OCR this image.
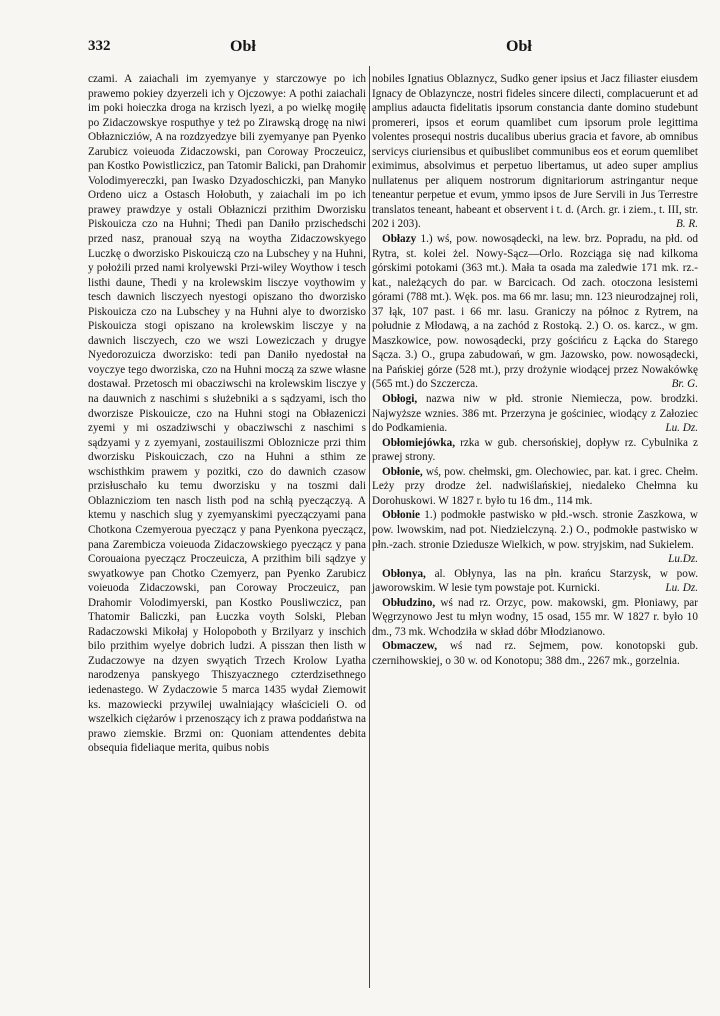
332	Obł	Obł

czami. A zaiachali im zyemyanye y starczowye po ich prawemo pokiey dzyerzeli ich y Ojczowye: A pothi zaiachali im poki hoieczka droga na krzisch lyezi, a po wielkę mogiłę po Zidaczowskye rosputhye y też po Zirawską drogę na niwi Obłaznicziów, A na rozdzyedzye bili zyemyanye pan Pyenko Zarubicz voieuoda Zidaczowski, pan Coroway Proczeuicz, pan Kostko Powistliczicz, pan Tatomir Balicki, pan Drahomir Volodimyereczki, pan Iwasko Dzyadoschiczki, pan Manyko Ordeno uicz a Ostasch Hołobuth, y zaiachali im po ich prawey prawdzye y ostali Obłazniczi przithim Dworzisku Piskouicza czo na Huhni; Thedi pan Daniło przischedschi przed nasz, pranouał szyą na woytha Zidaczowskyego Luczkę o dworzisko Piskouiczą czo na Lubschey y na Huhni, y położili przed nami krolyewski Przi-wiley Woythow i tesch listhi daune, Thedi y na krolewskim lisczye voythowim y tesch dawnich lisczyech nyestogi opiszano tho dworzisko Piskouicza czo na Lubschey y na Huhni alye to dworzisko Piskouicza stogi opiszano na krolewskim lisczye y na dawnich lisczyech, czo we wszi Loweziczach y drugye Nyedorozuicza dworzisko: tedi pan Daniło nyedostał na voyczye tego dworziska, czo na Huhni moczą za szwe własne dostawał. Przetosch mi obacziwschi na krolewskim lisczye y na dauwnich z naschimi s służebniki a s sądzyami, isch tho dworzisze Piskouicze, czo na Huhni stogi na Obłazeniczi zyemi y mi oszadziwschi y obacziwschi z naschimi s sądzyami y z zyemyani, zostauiliszmi Obloznicze przi thim dworzisku Piskouiczach, czo na Huhni a sthim ze wschisthkim prawem y pozitki, czo do dawnich czasow przisłuschało ku temu dworzisku y na toszmi dali Oblaznicziom ten nasch listh pod na schłą pyeczączyą. A ktemu y naschich slug y zyemyanskimi pyeczączyami pana Chotkona Czemyeroua pyeczącz y pana Pyenkona pyeczącz, pana Zarembicza voieuoda Zidaczowskiego pyeczącz y pana Corouaiona pyeczącz Proczeuicza, A przithim bili sądzye y swyatkowye pan Chotko Czemyerz, pan Pyenko Zarubicz voieuoda Zidaczowski, pan Coroway Proczeuicz, pan Drahomir Volodimyerski, pan Kostko Pousliwczicz, pan Thatomir Baliczki, pan Łuczka voyth Solski, Pleban Radaczowski Mikołaj y Holopoboth y Brzilyarz y inschich bilo przithim wyelye dobrich ludzi. A pisszan then listh w Zudaczowye na dzyen swyątich Trzech Krolow Lyatha narodzenya panskyego Thiszyacznego czterdzisethnego iedenastego. W Zydaczowie 5 marca 1435 wydał Ziemowit ks. mazowiecki przywilej uwalniający właścicieli O. od wszelkich ciężarów i przenoszący ich z prawa poddaństwa na prawo ziemskie. Brzmi on: Quoniam attendentes debita obsequia fideliaque merita, quibus nobis

nobiles Ignatius Oblaznycz, Sudko gener ipsius et Jacz filiaster eiusdem Ignacy de Oblazyncze, nostri fideles sincere dilecti, complacuerunt et ad amplius adaucta fidelitatis ipsorum constancia dante domino studebunt promereri, ipsos et eorum quamlibet cum ipsorum prole legittima volentes prosequi nostris ducalibus uberius gracia et favore, ab omnibus servicys ciuriensibus et quibuslibet communibus eos et eorum quemlibet eximimus, absolvimus et perpetuo libertamus, ut adeo super amplius nullatenus per aliquem nostrorum dignitariorum astringantur neque teneantur perpetue et evum, ymmo ipsos de Jure Servili in Jus Terrestre translatos teneant, habeant et observent i t. d. (Arch. gr. i ziem., t. III, str. 202 i 203).	B. R.

Obłazy 1.) wś, pow. nowosądecki, na lew. brz. Popradu, na płd. od Rytra, st. kolei żel. Nowy-Sącz—Orlo. Rozciąga się nad kilkoma górskimi potokami (363 mt.). Mała ta osada ma zaledwie 171 mk. rz.-kat., należących do par. w Barcicach. Od zach. otoczona lesistemi górami (788 mt.). Węk. pos. ma 66 mr. lasu; mn. 123 nieurodzajnej roli, 37 łąk, 107 past. i 66 mr. lasu. Graniczy na północ z Rytrem, na południe z Młodawą, a na zachód z Rostoką. 2.) O. os. karcz., w gm. Maszkowice, pow. nowosądecki, przy gościńcu z Łącka do Starego Sącza. 3.) O., grupa zabudowań, w gm. Jazowsko, pow. nowosądecki, na Pańskiej górze (528 mt.), przy drożynie wiodącej przez Nowakówkę (565 mt.) do Szczercza.	Br. G.

Obłogi, nazwa niw w płd. stronie Niemiecza, pow. brodzki. Najwyższe wznies. 386 mt. Przerzyna je gościniec, wiodący z Załoziec do Podkamienia.	Lu. Dz.

Obłomiejówka, rzka w gub. chersońskiej, dopływ rz. Cybulnika z prawej strony.

Obłonie, wś, pow. chełmski, gm. Olechowiec, par. kat. i grec. Chełm. Leży przy drodze żel. nadwiślańskiej, niedaleko Chełmna ku Dorohuskowi. W 1827 r. było tu 16 dm., 114 mk.

Obłonie 1.) podmokłe pastwisko w płd.-wsch. stronie Zaszkowa, w pow. lwowskim, nad pot. Niedzielczyną. 2.) O., podmokłe pastwisko w płn.-zach. stronie Dziedusze Wielkich, w pow. stryjskim, nad Sukielem.
Lu.Dz.

Obłonya, al. Obłynya, las na płn. krańcu Starzysk, w pow. jaworowskim. W lesie tym powstaje pot. Kurnicki.	Lu. Dz.

Obłudzino, wś nad rz. Orzyc, pow. makowski, gm. Płoniawy, par Węgrzynowo Jest tu młyn wodny, 15 osad, 155 mr. W 1827 r. było 10 dm., 73 mk. Wchodziła w skład dóbr Młodzianowo.

Obmaczew, wś nad rz. Sejmem, pow. konotopski gub. czernihowskiej, o 30 w. od Konotopu; 388 dm., 2267 mk., gorzelnia.
